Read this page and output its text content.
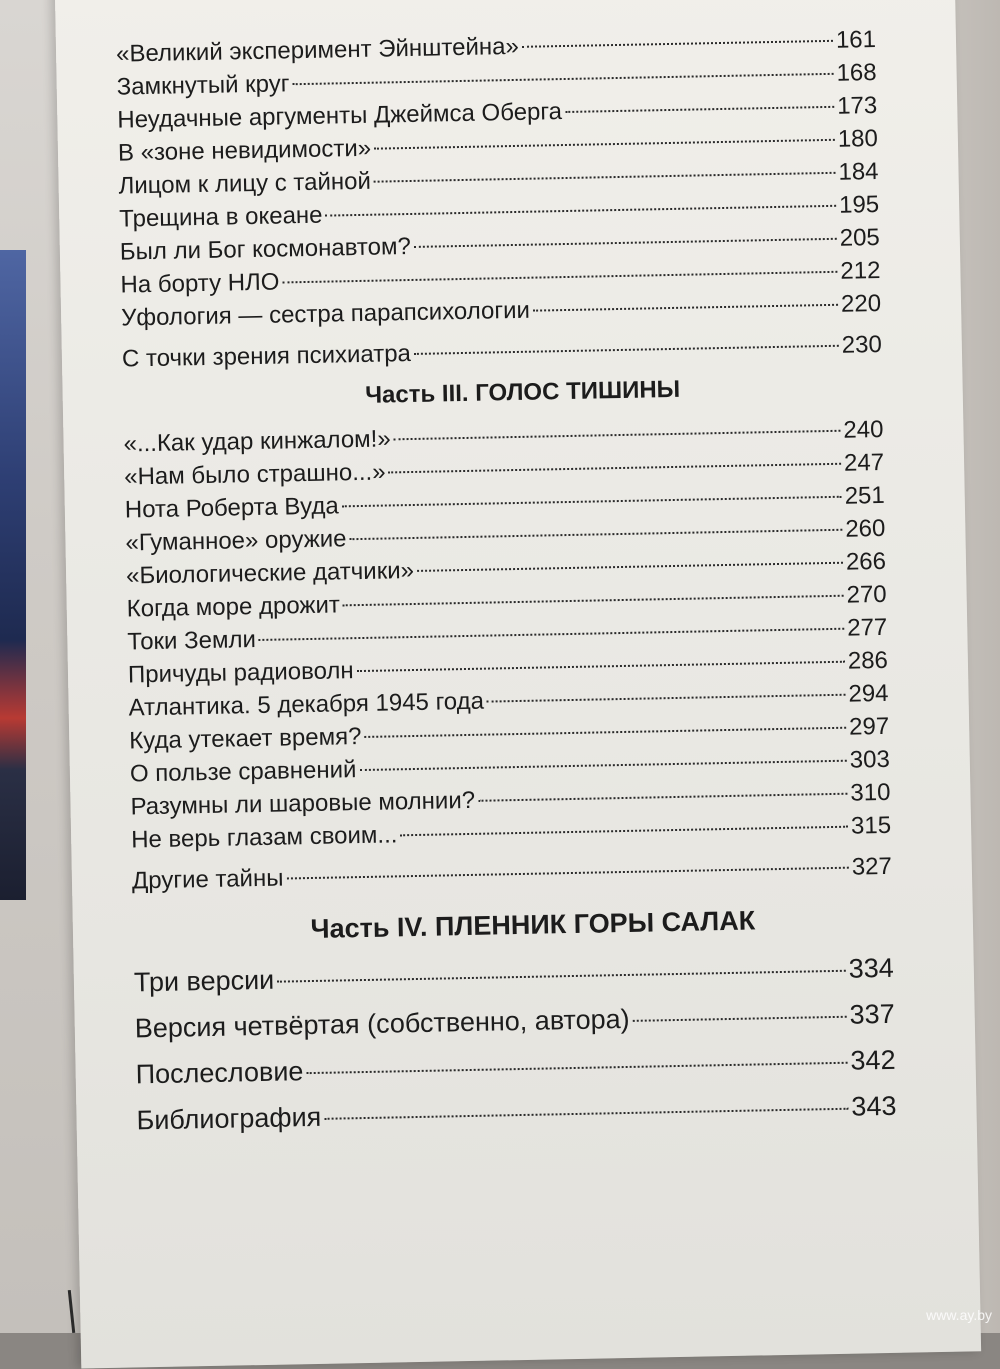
«Великий эксперимент Эйнштейна»	161
Замкнутый круг	168
Неудачные аргументы Джеймса Оберга	173
В «зоне невидимости»	180
Лицом к лицу с тайной	184
Трещина в океане	195
Был ли Бог космонавтом?	205
На борту НЛО	212
Уфология — сестра парапсихологии	220
С точки зрения психиатра	230
Часть III. ГОЛОС ТИШИНЫ
«...Как удар кинжалом!»	240
«Нам было страшно...»	247
Нота Роберта Вуда	251
«Гуманное» оружие	260
«Биологические датчики»	266
Когда море дрожит	270
Токи Земли	277
Причуды радиоволн	286
Атлантика. 5 декабря 1945 года	294
Куда утекает время?	297
О пользе сравнений	303
Разумны ли шаровые молнии?	310
Не верь глазам своим...	315
Другие тайны	327
Часть IV. ПЛЕННИК ГОРЫ САЛАК
Три версии	334
Версия четвёртая (собственно, автора)	337
Послесловие	342
Библиография	343
www.ay.by
